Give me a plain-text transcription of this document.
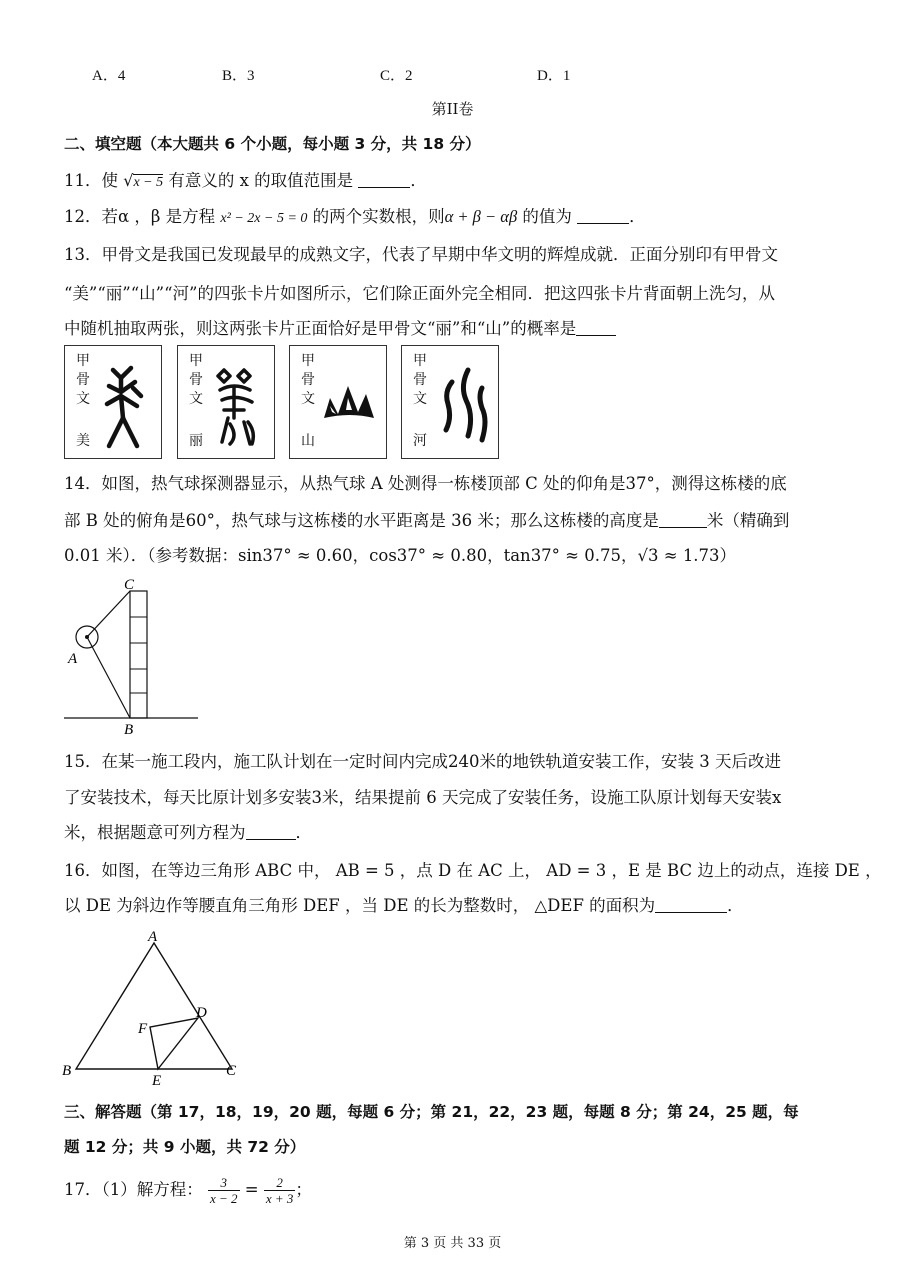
A．4	B．3	C．2	D．1
第II卷
二、填空题（本大题共 6 个小题，每小题 3 分，共 18 分）
11．使 √x − 5 有意义的 x 的取值范围是	．
12．若α ，β 是方程 x² − 2x − 5 = 0 的两个实数根，则α + β − αβ 的值为	．
13．甲骨文是我国已发现最早的成熟文字，代表了早期中华文明的辉煌成就．正面分别印有甲骨文
“美”“丽”“山”“河”的四张卡片如图所示，它们除正面外完全相同．把这四张卡片背面朝上洗匀，从
中随机抽取两张，则这两张卡片正面恰好是甲骨文“丽”和“山”的概率是
甲
骨
文
美
甲
骨
文
丽
甲
骨
文
山
甲
骨
文
河
14．如图，热气球探测器显示，从热气球 A 处测得一栋楼顶部 C 处的仰角是37°，测得这栋楼的底
部 B 处的俯角是60°，热气球与这栋楼的水平距离是 36 米；那么这栋楼的高度是	米（精确到
0.01 米）．（参考数据：sin37° ≈ 0.60，cos37° ≈ 0.80，tan37° ≈ 0.75，√3 ≈ 1.73）
C
A
B
15．在某一施工段内，施工队计划在一定时间内完成240米的地铁轨道安装工作，安装 3 天后改进
了安装技术，每天比原计划多安装3米，结果提前 6 天完成了安装任务，设施工队原计划每天安装x
米，根据题意可列方程为	．
16．如图，在等边三角形 ABC 中， AB = 5 ，点 D 在 AC 上， AD = 3 ，E 是 BC 边上的动点，连接 DE ，
以 DE 为斜边作等腰直角三角形 DEF ，当 DE 的长为整数时， △DEF 的面积为	．
A
B	C
D
E
F
三、解答题（第 17，18，19，20 题，每题 6 分；第 21，22，23 题，每题 8 分；第 24，25 题，每
题 12 分；共 9 小题，共 72 分）
17．（1）解方程： $\frac{3}{x - 2} = \frac{2}{x + 3}$ ；
第 3 页 共 33 页
